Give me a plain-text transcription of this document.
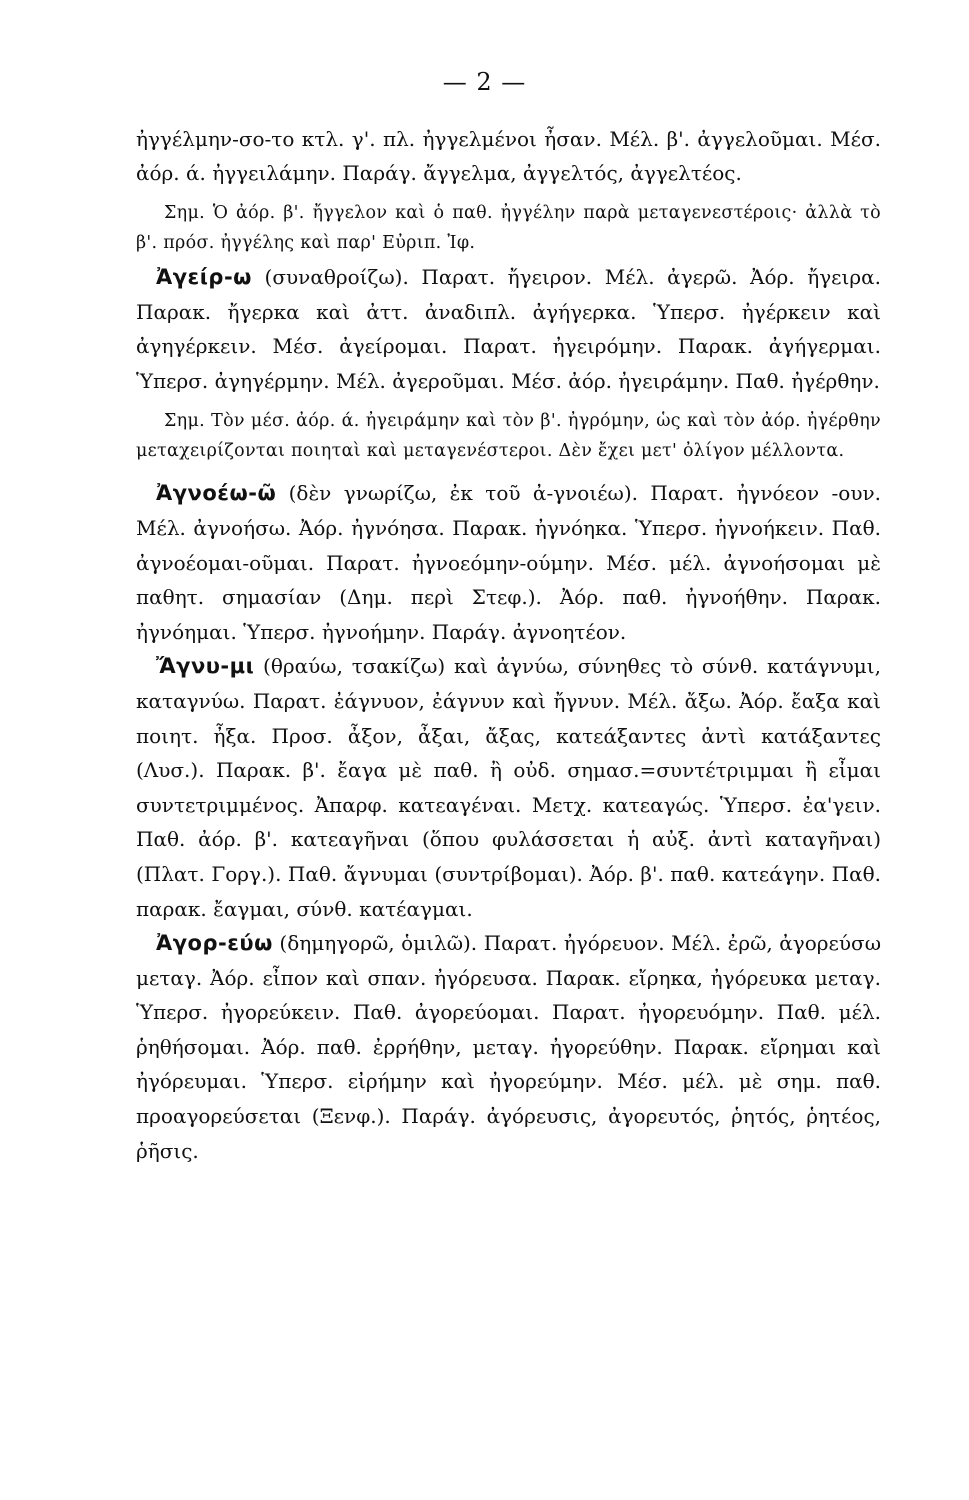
— 2 —

ἠγγέλμην-σο-το κτλ. γ'. πλ. ἠγγελμένοι ἦσαν. Μέλ. β'. ἀγγελοῦμαι. Μέσ. ἀόρ. ά. ἠγγειλάμην. Παράγ. ἄγγελμα, ἀγγελτός, ἀγγελτέος.

Σημ. Ὁ ἀόρ. β'. ἤγγελον καὶ ὁ παθ. ἠγγέλην παρὰ μεταγενεστέροις· ἀλλὰ τὸ β'. πρόσ. ἠγγέλης καὶ παρ' Εὐριπ. Ἰφ.

Ἀγείρ-ω (συναθροίζω). Παρατ. ἤγειρον. Μέλ. ἀγερῶ. Ἀόρ. ἤγειρα. Παρακ. ἤγερκα καὶ ἀττ. ἀναδιπλ. ἀγήγερκα. Ὑπερσ. ἠγέρκειν καὶ ἀγηγέρκειν. Μέσ. ἀγείρομαι. Παρατ. ἠγειρόμην. Παρακ. ἀγήγερμαι. Ὑπερσ. ἀγηγέρμην. Μέλ. ἀγεροῦμαι. Μέσ. ἀόρ. ἠγειράμην. Παθ. ἠγέρθην.

Σημ. Τὸν μέσ. ἀόρ. ά. ἠγειράμην καὶ τὸν β'. ἠγρόμην, ὡς καὶ τὸν ἀόρ. ἠγέρθην μεταχειρίζονται ποιηταὶ καὶ μεταγενέστεροι. Δὲν ἔχει μετ' ὀλίγον μέλλοντα.

Ἀγνοέω-ῶ (δὲν γνωρίζω, ἐκ τοῦ ἀ-γνοιέω). Παρατ. ἠγνόεον -ουν. Μέλ. ἀγνοήσω. Ἀόρ. ἠγνόησα. Παρακ. ἠγνόηκα. Ὑπερσ. ἠγνοήκειν. Παθ. ἀγνοέομαι-οῦμαι. Παρατ. ἠγνοεόμην-ούμην. Μέσ. μέλ. ἀγνοήσομαι μὲ παθητ. σημασίαν (Δημ. περὶ Στεφ.). Ἀόρ. παθ. ἠγνοήθην. Παρακ. ἠγνόημαι. Ὑπερσ. ἠγνοήμην. Παράγ. ἀγνοητέον.

Ἄγνυ-μι (θραύω, τσακίζω) καὶ ἀγνύω, σύνηθες τὸ σύνθ. κατάγνυμι, καταγνύω. Παρατ. ἐάγνυον, ἐάγνυν καὶ ἤγνυν. Μέλ. ἄξω. Ἀόρ. ἔαξα καὶ ποιητ. ἦξα. Προσ. ἆξον, ἆξαι, ἄξας, κατεάξαντες ἀντὶ κατάξαντες (Λυσ.). Παρακ. β'. ἔαγα μὲ παθ. ἢ οὐδ. σημασ.=συντέτριμμαι ἢ εἶμαι συντετριμμένος. Ἀπαρφ. κατεαγέναι. Μετχ. κατεαγώς. Ὑπερσ. ἐα'γειν. Παθ. ἀόρ. β'. κατεαγῆναι (ὅπου φυλάσσεται ἡ αὐξ. ἀντὶ καταγῆναι) (Πλατ. Γοργ.). Παθ. ἄγνυμαι (συντρίβομαι). Ἀόρ. β'. παθ. κατεάγην. Παθ. παρακ. ἔαγμαι, σύνθ. κατέαγμαι.

Ἀγορ-εύω (δημηγορῶ, ὁμιλῶ). Παρατ. ἠγόρευον. Μέλ. ἐρῶ, ἀγορεύσω μεταγ. Ἀόρ. εἶπον καὶ σπαν. ἠγόρευσα. Παρακ. εἴρηκα, ἠγόρευκα μεταγ. Ὑπερσ. ἠγορεύκειν. Παθ. ἀγορεύομαι. Παρατ. ἠγορευόμην. Παθ. μέλ. ῥηθήσομαι. Ἀόρ. παθ. ἐρρήθην, μεταγ. ἠγορεύθην. Παρακ. εἴρημαι καὶ ἠγόρευμαι. Ὑπερσ. εἰρήμην καὶ ἠγορεύμην. Μέσ. μέλ. μὲ σημ. παθ. προαγορεύσεται (Ξενφ.). Παράγ. ἀγόρευσις, ἀγορευτός, ῥητός, ῥητέος, ῥῆσις.
